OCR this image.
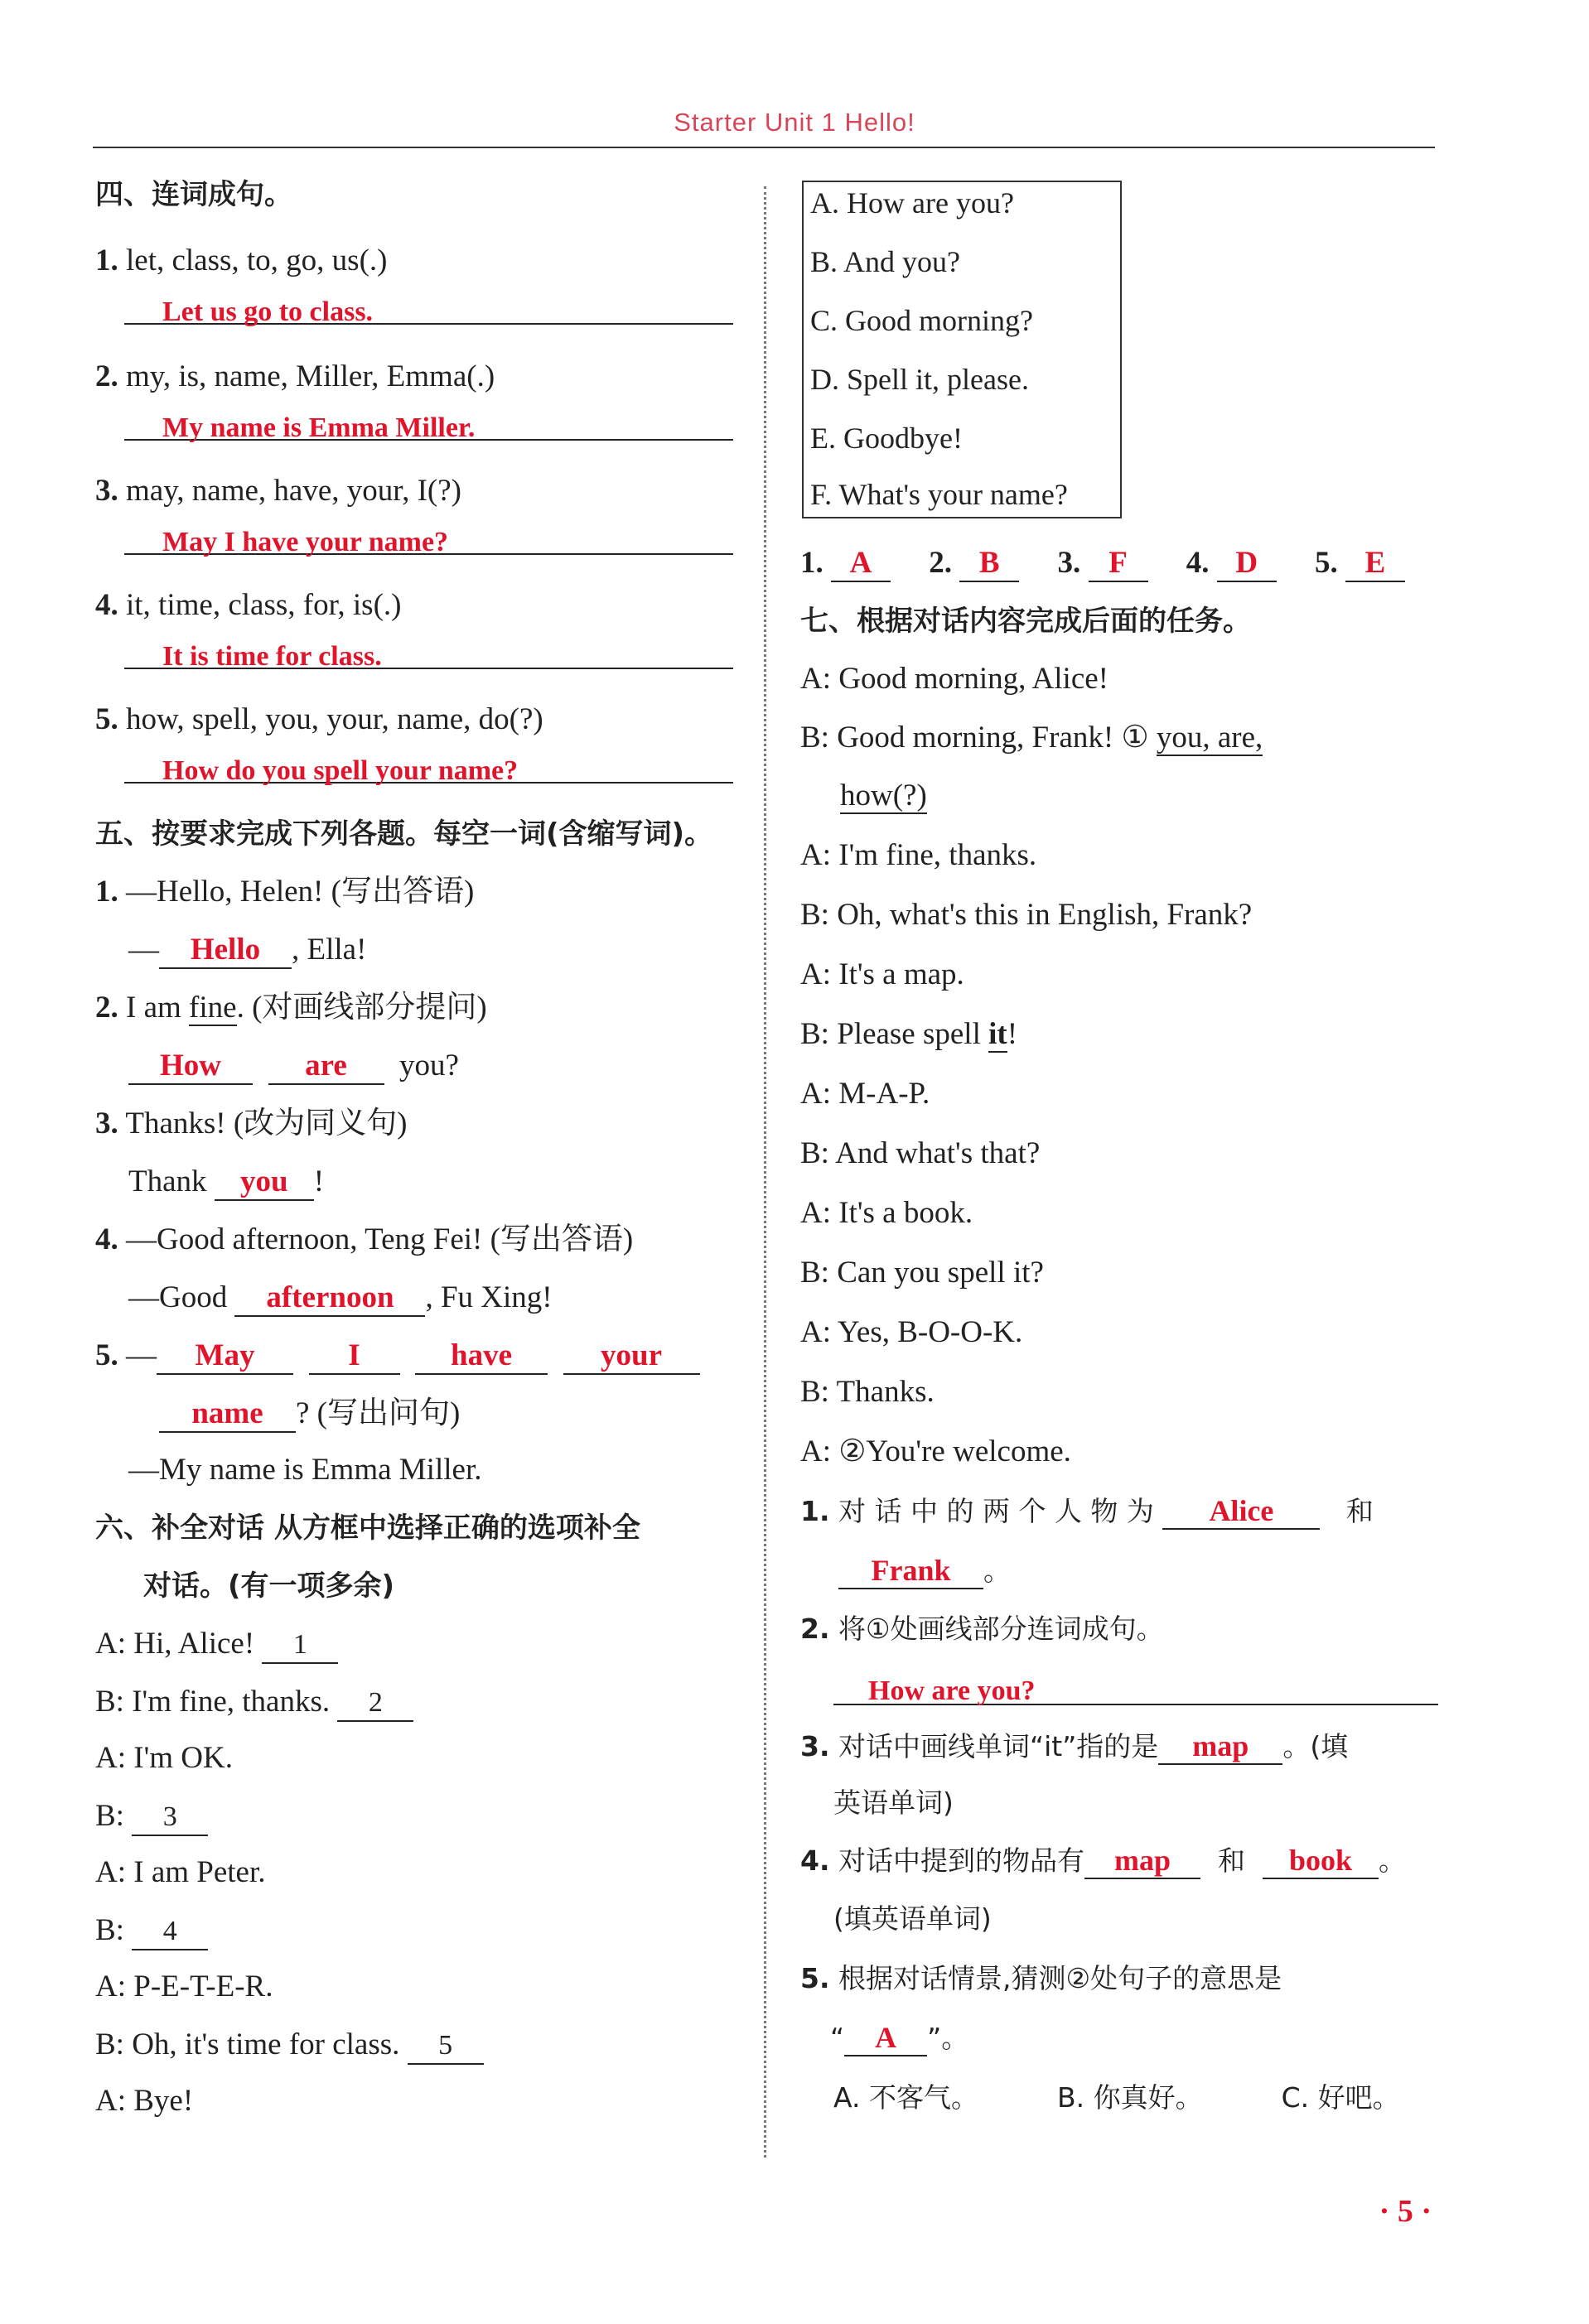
Starter Unit 1 Hello!
四、连词成句。
1. let, class, to, go, us(.)
Let us go to class.
2. my, is, name, Miller, Emma(.)
My name is Emma Miller.
3. may, name, have, your, I(?)
May I have your name?
4. it, time, class, for, is(.)
It is time for class.
5. how, spell, you, your, name, do(?)
How do you spell your name?
五、按要求完成下列各题。每空一词(含缩写词)。
1. —Hello, Helen! (写出答语)
— Hello , Ella!
2. I am fine. (对画线部分提问)
How	are you?
3. Thanks! (改为同义句)
Thank you !
4. —Good afternoon, Teng Fei! (写出答语)
—Good afternoon , Fu Xing!
5. — May	I	have	your
name ? (写出问句)
—My name is Emma Miller.
六、补全对话 从方框中选择正确的选项补全
对话。(有一项多余)
A: Hi, Alice! 1
B: I'm fine, thanks. 2
A: I'm OK.
B: 3
A: I am Peter.
B: 4
A: P-E-T-E-R.
B: Oh, it's time for class. 5
A: Bye!
A. How are you?
B. And you?
C. Good morning?
D. Spell it, please.
E. Goodbye!
F. What's your name?
1. A 2. B 3. F 4. D 5. E
七、根据对话内容完成后面的任务。
A: Good morning, Alice!
B: Good morning, Frank! ① you, are,
how(?)
A: I'm fine, thanks.
B: Oh, what's this in English, Frank?
A: It's a map.
B: Please spell it!
A: M-A-P.
B: And what's that?
A: It's a book.
B: Can you spell it?
A: Yes, B-O-O-K.
B: Thanks.
A: ②You're welcome.
1. 对 话 中 的 两 个 人 物 为 Alice	和
Frank 。
2. 将①处画线部分连词成句。
How are you?
3. 对话中画线单词“it”指的是 map 。(填
英语单词)
4. 对话中提到的物品有 map 和 book 。
(填英语单词)
5. 根据对话情景,猜测②处句子的意思是
“ A ”。
A. 不客气。	B. 你真好。	C. 好吧。
· 5 ·
